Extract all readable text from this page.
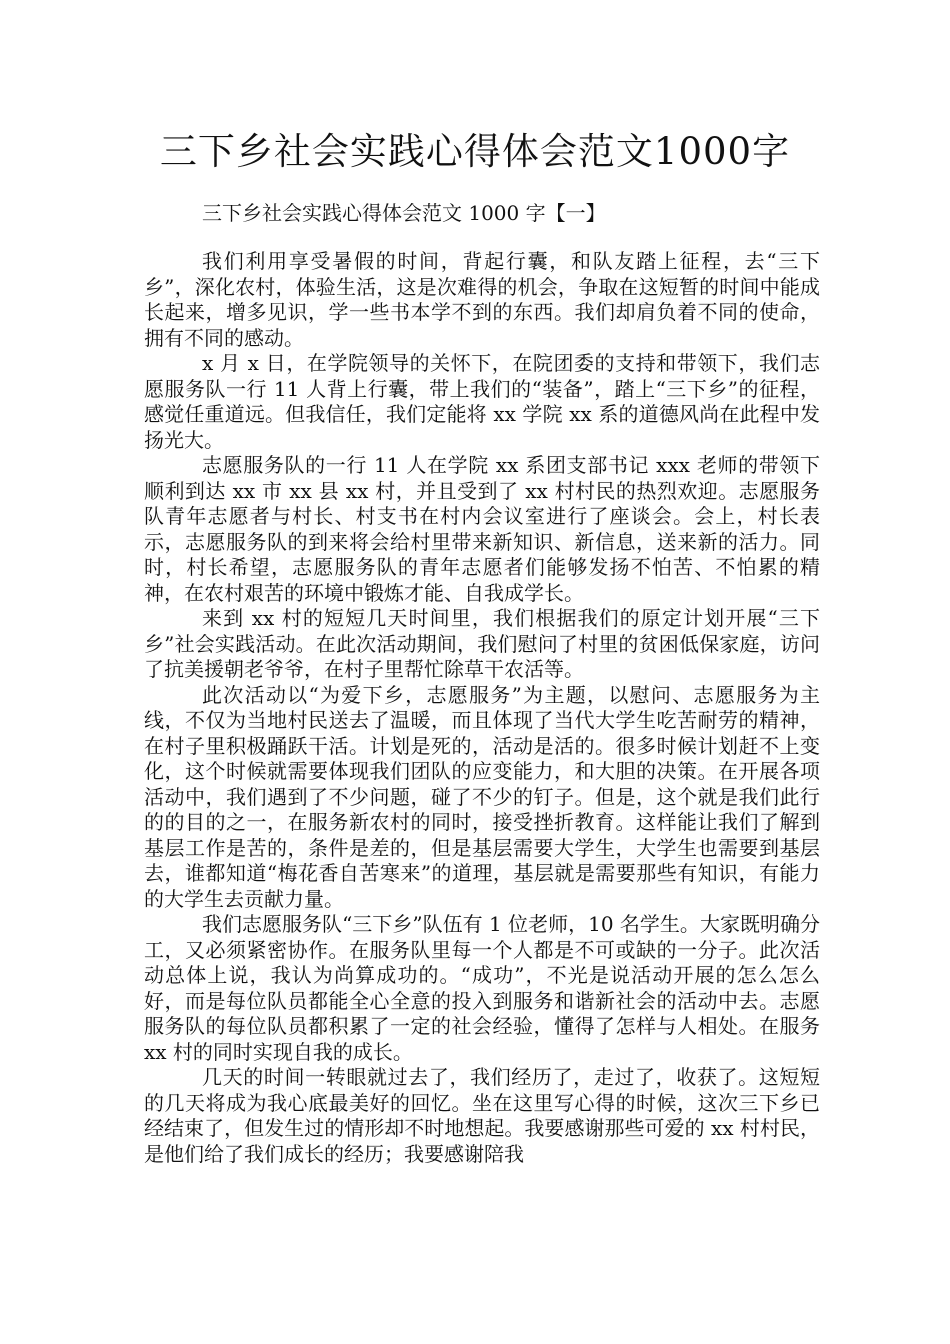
三下乡社会实践心得体会范文1000字
三下乡社会实践心得体会范文 1000 字【一】

我们利用享受暑假的时间，背起行囊，和队友踏上征程，去“三下乡”，深化农村，体验生活，这是次难得的机会，争取在这短暂的时间中能成长起来，增多见识，学一些书本学不到的东西。我们却肩负着不同的使命，拥有不同的感动。

x 月 x 日，在学院领导的关怀下，在院团委的支持和带领下，我们志愿服务队一行 11 人背上行囊，带上我们的“装备”，踏上“三下乡”的征程，感觉任重道远。但我信任，我们定能将 xx 学院 xx 系的道德风尚在此程中发扬光大。

志愿服务队的一行 11 人在学院 xx 系团支部书记 xxx 老师的带领下顺利到达 xx 市 xx 县 xx 村，并且受到了 xx 村村民的热烈欢迎。志愿服务队青年志愿者与村长、村支书在村内会议室进行了座谈会。会上，村长表示，志愿服务队的到来将会给村里带来新知识、新信息，送来新的活力。同时，村长希望，志愿服务队的青年志愿者们能够发扬不怕苦、不怕累的精神，在农村艰苦的环境中锻炼才能、自我成学长。

来到 xx 村的短短几天时间里，我们根据我们的原定计划开展“三下乡”社会实践活动。在此次活动期间，我们慰问了村里的贫困低保家庭，访问了抗美援朝老爷爷，在村子里帮忙除草干农活等。

此次活动以“为爱下乡，志愿服务”为主题，以慰问、志愿服务为主线，不仅为当地村民送去了温暖，而且体现了当代大学生吃苦耐劳的精神，在村子里积极踊跃干活。计划是死的，活动是活的。很多时候计划赶不上变化，这个时候就需要体现我们团队的应变能力，和大胆的决策。在开展各项活动中，我们遇到了不少问题，碰了不少的钉子。但是，这个就是我们此行的的目的之一，在服务新农村的同时，接受挫折教育。这样能让我们了解到基层工作是苦的，条件是差的，但是基层需要大学生，大学生也需要到基层去，谁都知道“梅花香自苦寒来”的道理，基层就是需要那些有知识，有能力的大学生去贡献力量。

我们志愿服务队“三下乡”队伍有 1 位老师，10 名学生。大家既明确分工，又必须紧密协作。在服务队里每一个人都是不可或缺的一分子。此次活动总体上说，我认为尚算成功的。“成功”，不光是说活动开展的怎么怎么好，而是每位队员都能全心全意的投入到服务和谐新社会的活动中去。志愿服务队的每位队员都积累了一定的社会经验，懂得了怎样与人相处。在服务 xx 村的同时实现自我的成长。

几天的时间一转眼就过去了，我们经历了，走过了，收获了。这短短的几天将成为我心底最美好的回忆。坐在这里写心得的时候，这次三下乡已经结束了，但发生过的情形却不时地想起。我要感谢那些可爱的 xx 村村民，是他们给了我们成长的经历；我要感谢陪我
